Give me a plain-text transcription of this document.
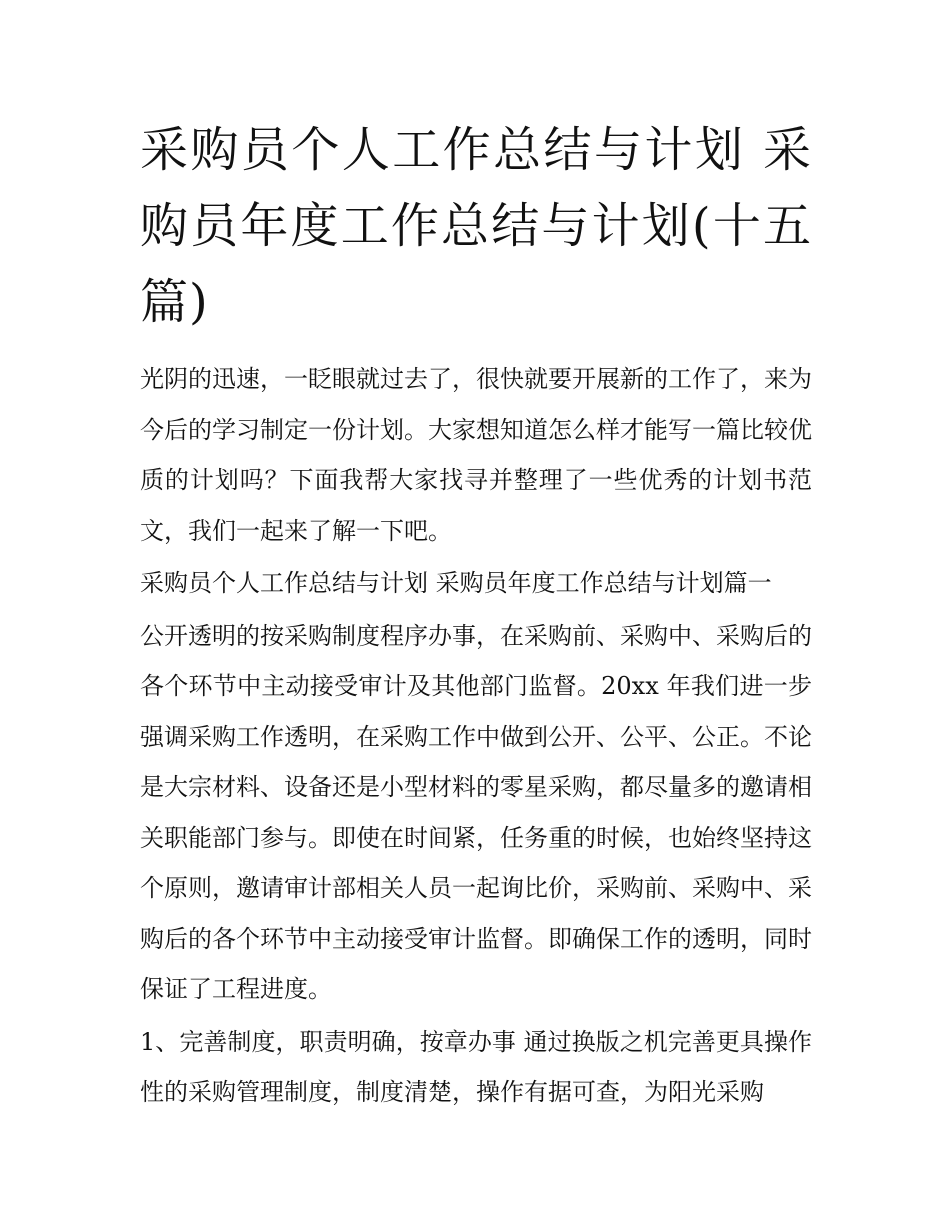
采购员个人工作总结与计划 采购员年度工作总结与计划(十五篇)

光阴的迅速，一眨眼就过去了，很快就要开展新的工作了，来为今后的学习制定一份计划。大家想知道怎么样才能写一篇比较优质的计划吗？下面我帮大家找寻并整理了一些优秀的计划书范文，我们一起来了解一下吧。

采购员个人工作总结与计划 采购员年度工作总结与计划篇一

公开透明的按采购制度程序办事，在采购前、采购中、采购后的各个环节中主动接受审计及其他部门监督。20xx 年我们进一步强调采购工作透明，在采购工作中做到公开、公平、公正。不论是大宗材料、设备还是小型材料的零星采购，都尽量多的邀请相关职能部门参与。即使在时间紧，任务重的时候，也始终坚持这个原则，邀请审计部相关人员一起询比价，采购前、采购中、采购后的各个环节中主动接受审计监督。即确保工作的透明，同时保证了工程进度。

1、完善制度，职责明确，按章办事 通过换版之机完善更具操作性的采购管理制度，制度清楚，操作有据可查，为阳光采购
